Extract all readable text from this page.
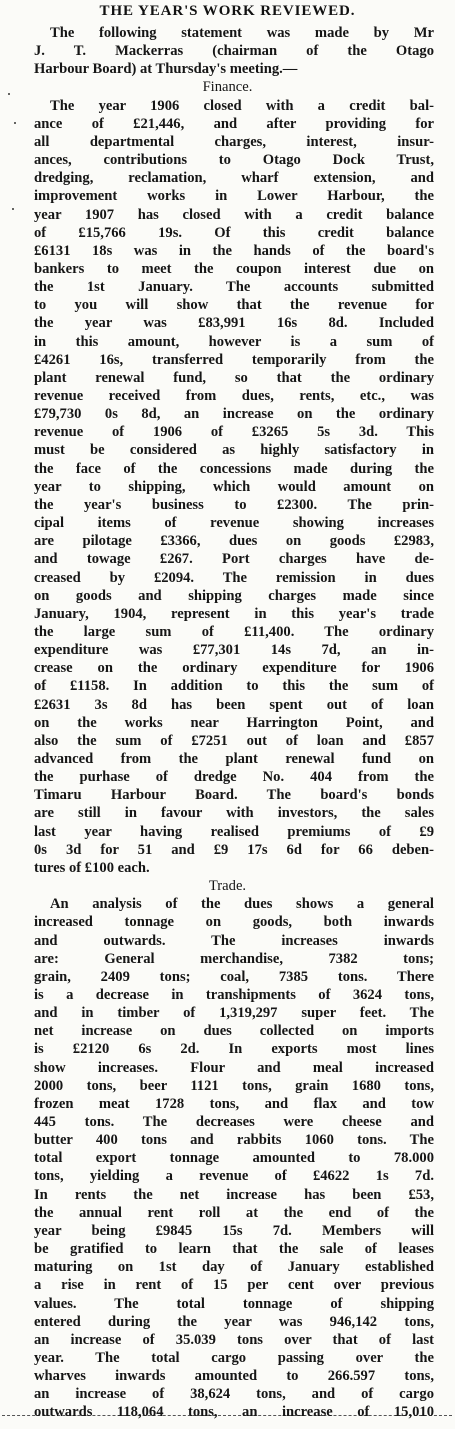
THE YEAR'S WORK REVIEWED.
The following statement was made by Mr
J. T. Mackerras (chairman of the Otago
Harbour Board) at Thursday's meeting.—
Finance.
The year 1906 closed with a credit bal-
ance of £21,446, and after providing for
all departmental charges, interest, insur-
ances, contributions to Otago Dock Trust,
dredging, reclamation, wharf extension, and
improvement works in Lower Harbour, the
year 1907 has closed with a credit balance
of £15,766 19s. Of this credit balance
£6131 18s was in the hands of the board's
bankers to meet the coupon interest due on
the 1st January. The accounts submitted
to you will show that the revenue for
the year was £83,991 16s 8d. Included
in this amount, however is a sum of
£4261 16s, transferred temporarily from the
plant renewal fund, so that the ordinary
revenue received from dues, rents, etc., was
£79,730 0s 8d, an increase on the ordinary
revenue of 1906 of £3265 5s 3d. This
must be considered as highly satisfactory in
the face of the concessions made during the
year to shipping, which would amount on
the year's business to £2300. The prin-
cipal items of revenue showing increases
are pilotage £3366, dues on goods £2983,
and towage £267. Port charges have de-
creased by £2094. The remission in dues
on goods and shipping charges made since
January, 1904, represent in this year's trade
the large sum of £11,400. The ordinary
expenditure was £77,301 14s 7d, an in-
crease on the ordinary expenditure for 1906
of £1158. In addition to this the sum of
£2631 3s 8d has been spent out of loan
on the works near Harrington Point, and
also the sum of £7251 out of loan and £857
advanced from the plant renewal fund on
the purhase of dredge No. 404 from the
Timaru Harbour Board. The board's bonds
are still in favour with investors, the sales
last year having realised premiums of £9
0s 3d for 51 and £9 17s 6d for 66 deben-
tures of £100 each.
Trade.
An analysis of the dues shows a general
increased tonnage on goods, both inwards
and outwards. The increases inwards
are: General merchandise, 7382 tons;
grain, 2409 tons; coal, 7385 tons. There
is a decrease in transhipments of 3624 tons,
and in timber of 1,319,297 super feet. The
net increase on dues collected on imports
is £2120 6s 2d. In exports most lines
show increases. Flour and meal increased
2000 tons, beer 1121 tons, grain 1680 tons,
frozen meat 1728 tons, and flax and tow
445 tons. The decreases were cheese and
butter 400 tons and rabbits 1060 tons. The
total export tonnage amounted to 78.000
tons, yielding a revenue of £4622 1s 7d.
In rents the net increase has been £53,
the annual rent roll at the end of the
year being £9845 15s 7d. Members will
be gratified to learn that the sale of leases
maturing on 1st day of January established
a rise in rent of 15 per cent over previous
values. The total tonnage of shipping
entered during the year was 946,142 tons,
an increase of 35.039 tons over that of last
year. The total cargo passing over the
wharves inwards amounted to 266.597 tons,
an increase of 38,624 tons, and of cargo
outwards 118,064 tons, an increase of 15,010
